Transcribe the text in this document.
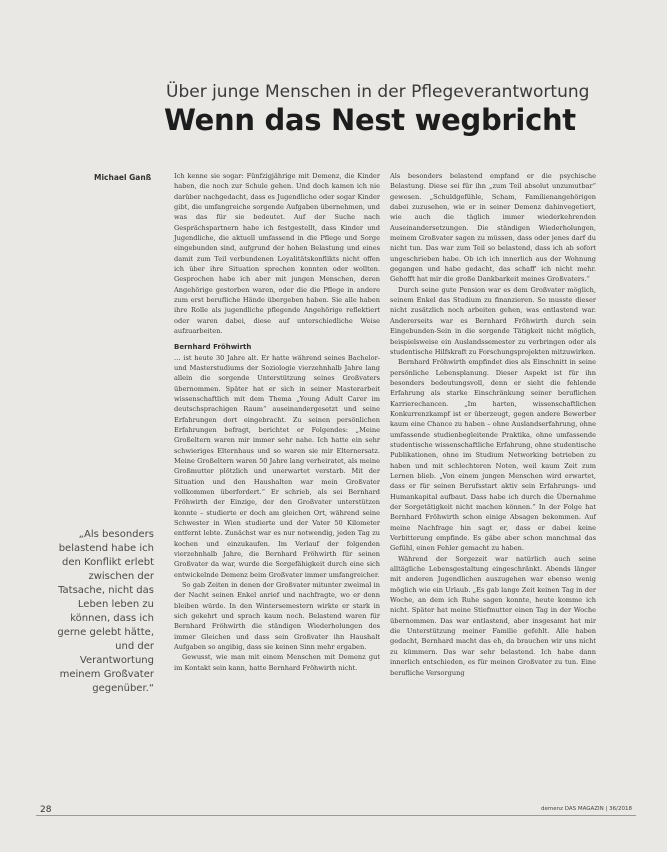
Über junge Menschen in der Pflegeverantwortung
Wenn das Nest wegbricht
Michael Ganß	Ich kenne sie sogar: Fünfzigjährige mit Demenz, die Kinder haben, die noch zur Schule gehen. Und doch kamen ich nie darüber nachgedacht, dass es Jugendliche oder sogar Kinder gibt, die umfangreiche sorgende Aufgaben übernehmen, und was das für sie bedeutet. Auf der Suche nach Gesprächspartnern habe ich festgestellt, dass Kinder und Jugendliche, die aktuell umfassend in die Pflege und Sorge eingebunden sind, aufgrund der hohen Belastung und eines damit zum Teil verbundenen Loyalitätskonflikts nicht offen ich über ihre Situation sprechen konnten oder wollten. Gesprochen habe ich aber mit jungen Menschen, deren Angehörige gestorben waren, oder die die Pflege in andere zum erst berufliche Hände übergeben haben. Sie alle haben ihre Rolle als jugendliche pflegende Angehörige reflektiert oder waren dabei, diese auf unterschiedliche Weise aufzuarbeiten.

Bernhard Fröhwirth

… ist heute 30 Jahre alt. Er hatte während seines Bachelor- und Masterstudiums der Soziologie vierzehnhalb Jahre lang allein die sorgende Unterstützung seines Großvaters übernommen. Später hat er sich in seiner Masterarbeit wissenschaftlich mit dem Thema „Young Adult Carer im deutschsprachigen Raum“ auseinandergesetzt und seine Erfahrungen dort eingebracht. Zu seinen persönlichen Erfahrungen befragt, berichtet er Folgendes: „Meine Großeltern waren mir immer sehr nahe. Ich hatte ein sehr schwieriges Elternhaus und so waren sie mir Elternersatz. Meine Großeltern waren 50 Jahre lang verheiratet, als meine Großmutter plötzlich und unerwartet verstarb. Mit der Situation und den Haushalten war mein Großvater vollkommen überfordert.“ Er schrieb, als sei Bernhard Fröhwirth der Einzige, der den Großvater unterstützen konnte – studierte er doch am gleichen Ort, während seine Schwester in Wien studierte und der Vater 50 Kilometer entfernt lebte. Zunächst war es nur notwendig, jeden Tag zu kochen und einzukaufen. Im Verlauf der folgenden vierzehnhalb Jahre, die Bernhard Fröhwirth für seinen Großvater da war, wurde die Sorgefähigkeit durch eine sich entwickelnde Demenz beim Großvater immer umfangreicher.

So gab Zeiten in denen der Großvater mitunter zweimal in der Nacht seinen Enkel anrief und nachfragte, wo er denn bleiben würde. In den Wintersemestern wirkte er stark in sich gekehrt und sprach kaum noch. Belastend waren für Bernhard Fröhwirth die ständigen Wiederholungen des immer Gleichen und dass sein Großvater ihn Haushalt Aufgaben so angibig, dass sie keinen Sinn mehr ergaben.

Gewusst, wie man mit einem Menschen mit Demenz gut im Kontakt sein kann, hatte Bernhard Fröhwirth nicht.

Als besonders belastend empfand er die psychische Belastung. Diese sei für ihn „zum Teil absolut unzumutbar“ gewesen. „Schuldgefühle, Scham, Familienangehörigen dabei zuzusehen, wie er in seiner Demenz dahinvegetiert, wie auch die täglich immer wiederkehrenden Auseinandersetzungen. Die ständigen Wiederholungen, meinem Großvater sagen zu müssen, dass oder jenes darf du nicht tun. Das war zum Teil so belastend, dass ich ab sofort ungeschrieben habe. Ob ich ich innerlich aus der Wohnung gegangen und habe gedacht, das schaff' ich nicht mehr. Gehofft hat mir die große Dankbarkeit meines Großvaters.“

Durch seine gute Pension war es dem Großvater möglich, seinem Enkel das Studium zu finanzieren. So musste dieser nicht zusätzlich noch arbeiten gehen, was entlastend war. Andererseits war es Bernhard Fröhwirth durch sein Eingebunden-Sein in die sorgende Tätigkeit nicht möglich, beispielsweise ein Auslandssemester zu verbringen oder als studentische Hilfskraft zu Forschungsprojekten mitzuwirken.

Bernhard Fröhwirth empfindet dies als Einschnitt in seine persönliche Lebensplanung. Dieser Aspekt ist für ihn besonders bedeutungsvoll, denn er sieht die fehlende Erfahrung als starke Einschränkung seiner beruflichen Karrierechancen. „Im harten, wissenschaftlichen Konkurrenzkampf ist er überzeugt, gegen andere Bewerber kaum eine Chance zu haben – ohne Auslandserfahrung, ohne umfassende studienbegleitende Praktika, ohne umfassende studentische wissenschaftliche Erfahrung, ohne studentische Publikationen, ohne im Studium Networking betrieben zu haben und mit schlechteren Noten, weil kaum Zeit zum Lernen blieb. „Von einem jungen Menschen wird erwartet, dass er für seinen Berufsstart aktiv sein Erfahrungs- und Humankapital aufbaut. Dass habe ich durch die Übernahme der Sorgetätigkeit nicht machen können.“ In der Folge hat Bernhard Fröhwirth schon einige Absagen bekommen. Auf meine Nachfrage hin sagt er, dass er dabei keine Verbitterung empfinde. Es gäbe aber schon manchmal das Gefühl, einen Fehler gemacht zu haben.

Während der Sorgezeit war natürlich auch seine alltägliche Lebensgestaltung eingeschränkt. Abends länger mit anderen Jugendlichen auszugehen war ebenso wenig möglich wie ein Urlaub. „Es gab lange Zeit keinen Tag in der Woche, an dem ich Ruhe sagen konnte, heute komme ich nicht. Später hat meine Stiefmutter einen Tag in der Woche übernommen. Das war entlastend, aber insgesamt hat mir die Unterstützung meiner Familie gefehlt. Alle haben gedacht, Bernhard macht das eh, da brauchen wir uns nicht zu kümmern. Das war sehr belastend. Ich habe dann innerlich entschieden, es für meinen Großvater zu tun. Eine berufliche Versorgung

„Als besonders belastend habe ich den Konflikt erlebt zwischen der Tatsache, nicht das Leben leben zu können, dass ich gerne gelebt hätte, und der Verantwortung meinem Großvater gegenüber.“
28	demenz DAS MAGAZIN | 36/2018
